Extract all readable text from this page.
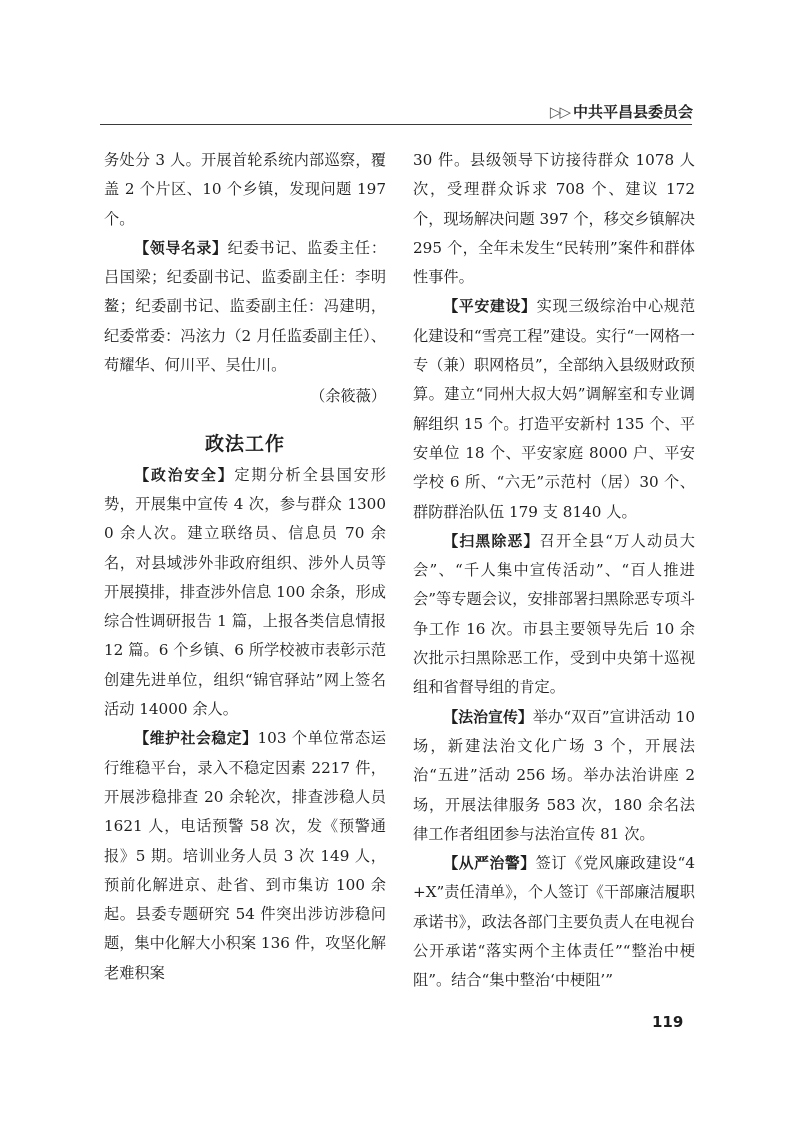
▷▷ 中共平昌县委员会

务处分 3 人。开展首轮系统内部巡察，覆盖 2 个片区、10 个乡镇，发现问题 197 个。

【领导名录】纪委书记、监委主任：吕国梁；纪委副书记、监委副主任：李明鳌；纪委副书记、监委副主任：冯建明，纪委常委：冯泫力（2 月任监委副主任）、苟耀华、何川平、吴仕川。

（余筱薇）

政法工作

【政治安全】定期分析全县国安形势，开展集中宣传 4 次，参与群众 13000 余人次。建立联络员、信息员 70 余名，对县域涉外非政府组织、涉外人员等开展摸排，排查涉外信息 100 余条，形成综合性调研报告 1 篇，上报各类信息情报 12 篇。6 个乡镇、6 所学校被市表彰示范创建先进单位，组织“锦官驿站”网上签名活动 14000 余人。

【维护社会稳定】103 个单位常态运行维稳平台，录入不稳定因素 2217 件，开展涉稳排查 20 余轮次，排查涉稳人员 1621 人，电话预警 58 次，发《预警通报》5 期。培训业务人员 3 次 149 人，预前化解进京、赴省、到市集访 100 余起。县委专题研究 54 件突出涉访涉稳问题，集中化解大小积案 136 件，攻坚化解老难积案

30 件。县级领导下访接待群众 1078 人次，受理群众诉求 708 个、建议 172 个，现场解决问题 397 个，移交乡镇解决 295 个，全年未发生“民转刑”案件和群体性事件。

【平安建设】实现三级综治中心规范化建设和“雪亮工程”建设。实行“一网格一专（兼）职网格员”，全部纳入县级财政预算。建立“同州大叔大妈”调解室和专业调解组织 15 个。打造平安新村 135 个、平安单位 18 个、平安家庭 8000 户、平安学校 6 所、“六无”示范村（居）30 个、群防群治队伍 179 支 8140 人。

【扫黑除恶】召开全县“万人动员大会”、“千人集中宣传活动”、“百人推进会”等专题会议，安排部署扫黑除恶专项斗争工作 16 次。市县主要领导先后 10 余次批示扫黑除恶工作，受到中央第十巡视组和省督导组的肯定。

【法治宣传】举办“双百”宣讲活动 10 场，新建法治文化广场 3 个，开展法治“五进”活动 256 场。举办法治讲座 2 场，开展法律服务 583 次，180 余名法律工作者组团参与法治宣传 81 次。

【从严治警】签订《党风廉政建设“4+X”责任清单》，个人签订《干部廉洁履职承诺书》，政法各部门主要负责人在电视台公开承诺“落实两个主体责任”“整治中梗阻”。结合“集中整治‘中梗阻’”

119
